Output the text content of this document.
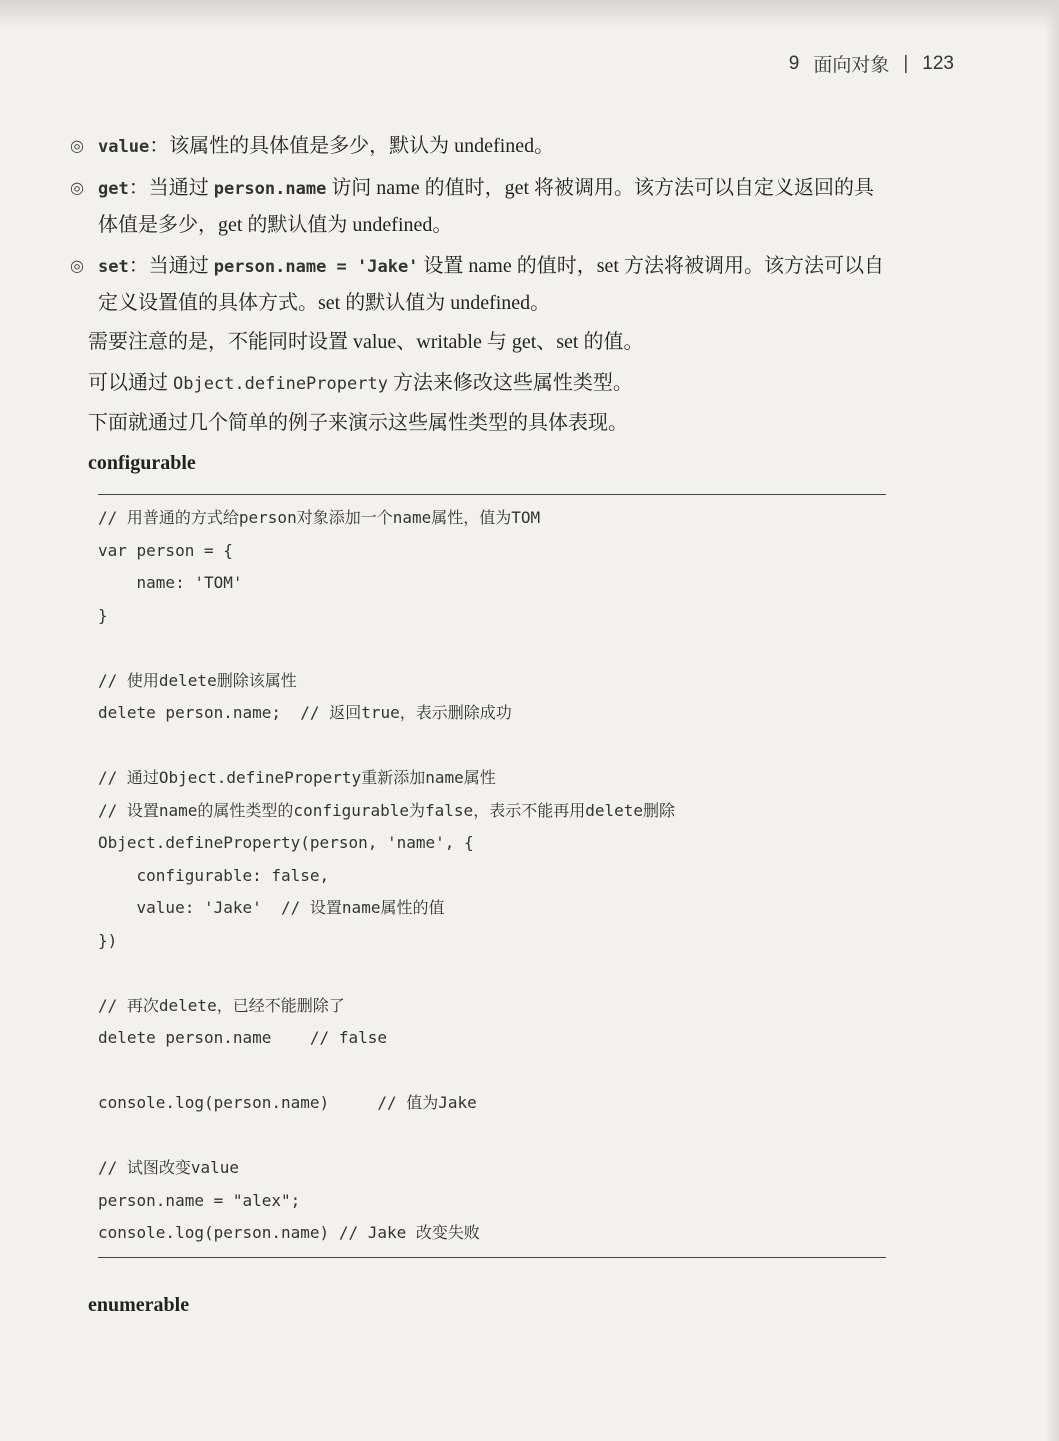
9 面向对象 | 123
◎ value：该属性的具体值是多少，默认为 undefined。
◎ get：当通过 person.name 访问 name 的值时，get 将被调用。该方法可以自定义返回的具
体值是多少，get 的默认值为 undefined。
◎ set：当通过 person.name = 'Jake' 设置 name 的值时，set 方法将被调用。该方法可以自
定义设置值的具体方式。set 的默认值为 undefined。
需要注意的是，不能同时设置 value、writable 与 get、set 的值。
可以通过 Object.defineProperty 方法来修改这些属性类型。
下面就通过几个简单的例子来演示这些属性类型的具体表现。
configurable
// 用普通的方式给person对象添加一个name属性，值为TOM
var person = {
name: 'TOM'
}
// 使用delete删除该属性
delete person.name;  // 返回true，表示删除成功
// 通过Object.defineProperty重新添加name属性
// 设置name的属性类型的configurable为false，表示不能再用delete删除
Object.defineProperty(person, 'name', {
configurable: false,
value: 'Jake'  // 设置name属性的值
})
// 再次delete，已经不能删除了
delete person.name    // false
console.log(person.name)     // 值为Jake
// 试图改变value
person.name = "alex";
console.log(person.name) // Jake 改变失败
enumerable
